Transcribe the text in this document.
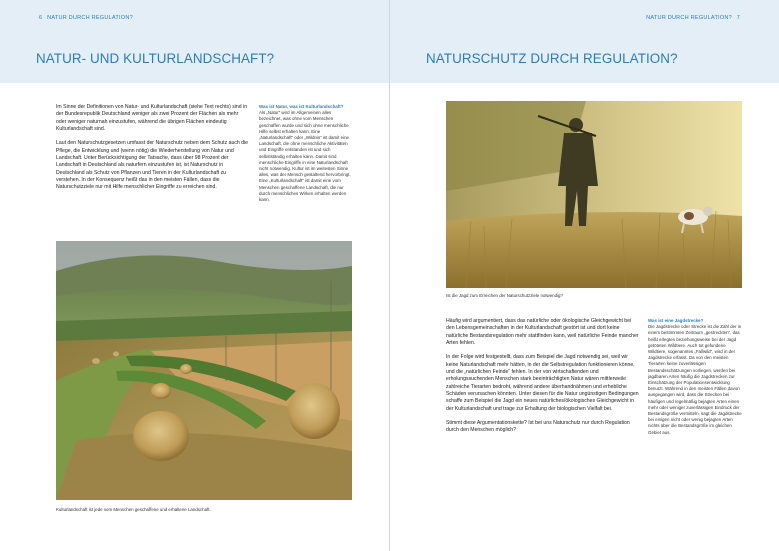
6 NATUR DURCH REGULATION?
NATUR- UND KULTURLANDSCHAFT?

Im Sinne der Definitionen von Natur- und Kulturlandschaft (siehe Text rechts) sind in der Bundesrepublik Deutschland weniger als zwei Prozent der Flächen als mehr oder weniger naturnah einzustufen, während die übrigen Flächen eindeutig Kulturlandschaft sind.

Laut den Naturschutzgesetzen umfasst der Naturschutz neben dem Schutz auch die Pflege, die Entwicklung und (wenn nötig) die Wiederherstellung von Natur und Landschaft. Unter Berücksichtigung der Tatsache, dass über 98 Prozent der Landschaft in Deutschland als naturfern einzustufen ist, ist Naturschutz in Deutschland als Schutz von Pflanzen und Tieren in der Kulturlandschaft zu verstehen. In der Konsequenz heißt das in den meisten Fällen, dass die Naturschutzziele nur mit Hilfe menschlicher Eingriffe zu erreichen sind.

Was ist Natur, was ist Kulturlandschaft?
Als „Natur“ wird im Allgemeinen alles bezeichnet, was ohne vom Menschen geschaffen wurde und sich ohne menschliche Hilfe selbst erhalten kann. Eine „Naturlandschaft“ oder „Wildnis“ ist damit eine Landschaft, die ohne menschliche Aktivitäten und Eingriffe entstanden ist und sich selbstständig erhalten kann. Damit sind menschliche Eingriffe in eine Naturlandschaft nicht notwendig. Kultur ist im weitesten Sinne alles, was der Mensch gestaltend hervorbringt. Eine „Kulturlandschaft“ ist damit eine vom Menschen geschaffene Landschaft, die nur durch menschliches Wirken erhalten werden kann.
Kulturlandschaft ist jede vom Menschen geschaffene und erhaltene Landschaft.
NATUR DURCH REGULATION? 7
NATURSCHUTZ DURCH REGULATION?
Ist die Jagd zum Erreichen der Naturschutzziele notwendig?

Häufig wird argumentiert, dass das natürliche oder ökologische Gleichgewicht bei den Lebensgemeinschaften in der Kulturlandschaft gestört ist und dort keine natürliche Bestandsregulation mehr stattfinden kann, weil natürliche Feinde mancher Arten fehlen.

In der Folge wird festgestellt, dass zum Beispiel die Jagd notwendig sei, weil wir keine Naturlandschaft mehr hätten, in der die Selbstregulation funktionieren könne, und die „natürlichen Feinde“ fehlen. In der von wirtschaftenden und erholungssuchenden Menschen stark beeinträchtigten Natur wären mittlerweile zahlreiche Tierarten bedroht, während andere überhandnähmen und erhebliche Schäden verursachen könnten. Unter diesen für die Natur ungünstigen Bedingungen schaffe zum Beispiel die Jagd ein neues natürliches/ökologisches Gleichgewicht in der Kulturlandschaft und trage zur Erhaltung der biologischen Vielfalt bei.

Stimmt diese Argumentationskette? Ist bei uns Naturschutz nur durch Regulation durch den Menschen möglich?

Was ist eine Jagdstrecke?
Die Jagdstrecke oder Strecke ist die Zahl der in einem bestimmten Zeitraum „gestreckten“, das heißt erlegten beziehungsweise bei der Jagd getöteten Wildtiere. Auch tot gefundene Wildtiere, sogenanntes „Fallwild“, wird in der Jagdstrecke erfasst. Da von den meisten Tierarten keine zuverlässigen Bestandsschätzungen vorliegen, werden bei jagdbaren Arten häufig die Jagdstrecken zur Einschätzung der Populationsentwicklung benutzt. Während in den meisten Fällen davon ausgegangen wird, dass die Strecken bei häufigen und regelmäßig bejagten Arten einen mehr oder weniger zuverlässigen Eindruck der Bestandsgröße vermitteln, sagt die Jagdstrecke bei einigen nicht oder wenig bejagten Arten nichts über die Bestandsgröße im gleichen Gebiet aus.
